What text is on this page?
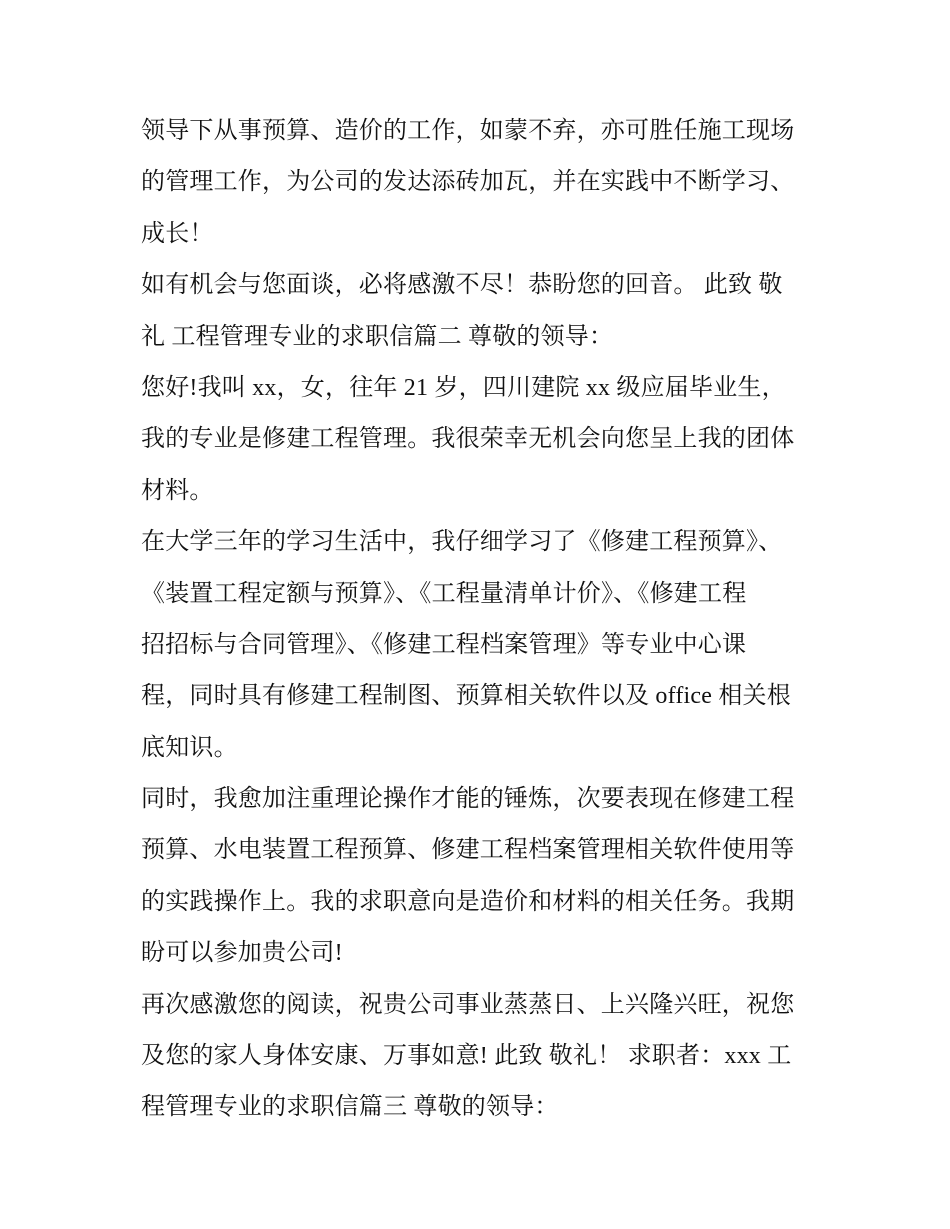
领导下从事预算、造价的工作，如蒙不弃，亦可胜任施工现场
的管理工作，为公司的发达添砖加瓦，并在实践中不断学习、
成长！
如有机会与您面谈，必将感激不尽！恭盼您的回音。 此致 敬
礼 工程管理专业的求职信篇二 尊敬的领导：
您好!我叫 xx，女，往年 21 岁，四川建院 xx 级应届毕业生，
我的专业是修建工程管理。我很荣幸无机会向您呈上我的团体
材料。
在大学三年的学习生活中，我仔细学习了《修建工程预算》、
《装置工程定额与预算》、《工程量清单计价》、《修建工程
招招标与合同管理》、《修建工程档案管理》等专业中心课
程，同时具有修建工程制图、预算相关软件以及 office 相关根
底知识。
同时，我愈加注重理论操作才能的锤炼，次要表现在修建工程
预算、水电装置工程预算、修建工程档案管理相关软件使用等
的实践操作上。我的求职意向是造价和材料的相关任务。我期
盼可以参加贵公司!
再次感激您的阅读，祝贵公司事业蒸蒸日、上兴隆兴旺，祝您
及您的家人身体安康、万事如意! 此致 敬礼！ 求职者：xxx 工
程管理专业的求职信篇三 尊敬的领导：
